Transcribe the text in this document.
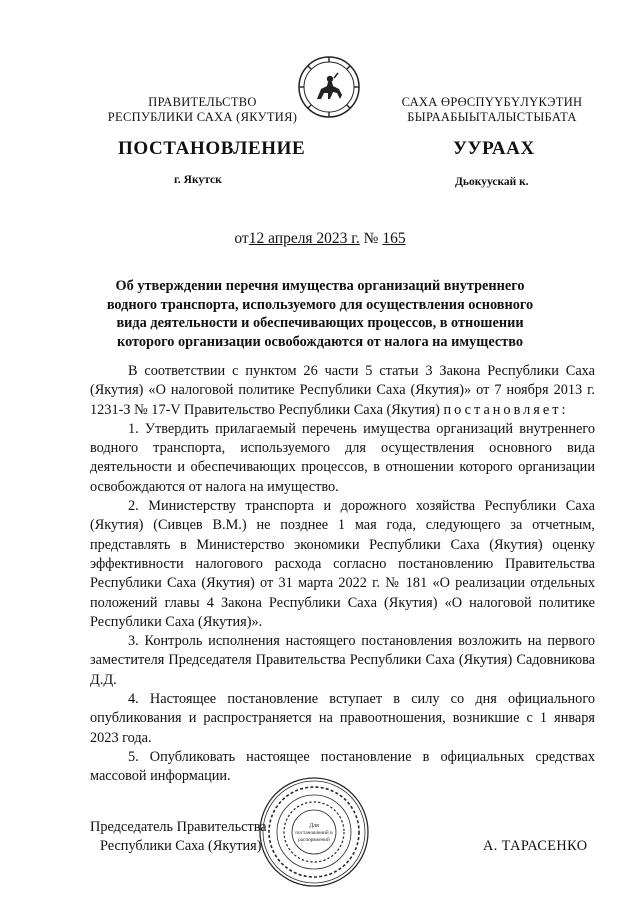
ПРАВИТЕЛЬСТВО
РЕСПУБЛИКИ САХА (ЯКУТИЯ)
САХА ӨРӨСПҮҮБҮЛҮКЭТИН
БЫРААБЫЫТАЛЫСТЫБАТА
ПОСТАНОВЛЕНИЕ	УУРААХ
г. Якутск	Дьокуускай к.
от12 апреля 2023 г. № 165
Об утверждении перечня имущества организаций внутреннего водного транспорта, используемого для осуществления основного вида деятельности и обеспечивающих процессов, в отношении которого организации освобождаются от налога на имущество

В соответствии с пунктом 26 части 5 статьи 3 Закона Республики Саха (Якутия) «О налоговой политике Республики Саха (Якутия)» от 7 ноября 2013 г. 1231-З № 17-V Правительство Республики Саха (Якутия) постановляет:

1. Утвердить прилагаемый перечень имущества организаций внутреннего водного транспорта, используемого для осуществления основного вида деятельности и обеспечивающих процессов, в отношении которого организации освобождаются от налога на имущество.

2. Министерству транспорта и дорожного хозяйства Республики Саха (Якутия) (Сивцев В.М.) не позднее 1 мая года, следующего за отчетным, представлять в Министерство экономики Республики Саха (Якутия) оценку эффективности налогового расхода согласно постановлению Правительства Республики Саха (Якутия) от 31 марта 2022 г. № 181 «О реализации отдельных положений главы 4 Закона Республики Саха (Якутия) «О налоговой политике Республики Саха (Якутия)».

3. Контроль исполнения настоящего постановления возложить на первого заместителя Председателя Правительства Республики Саха (Якутия) Садовникова Д.Д.

4. Настоящее постановление вступает в силу со дня официального опубликования и распространяется на правоотношения, возникшие с 1 января 2023 года.

5. Опубликовать настоящее постановление в официальных средствах массовой информации.

Председатель Правительства
Республики Саха (Якутия)	А. ТАРАСЕНКО
Для
постановлений и
распоряжений
